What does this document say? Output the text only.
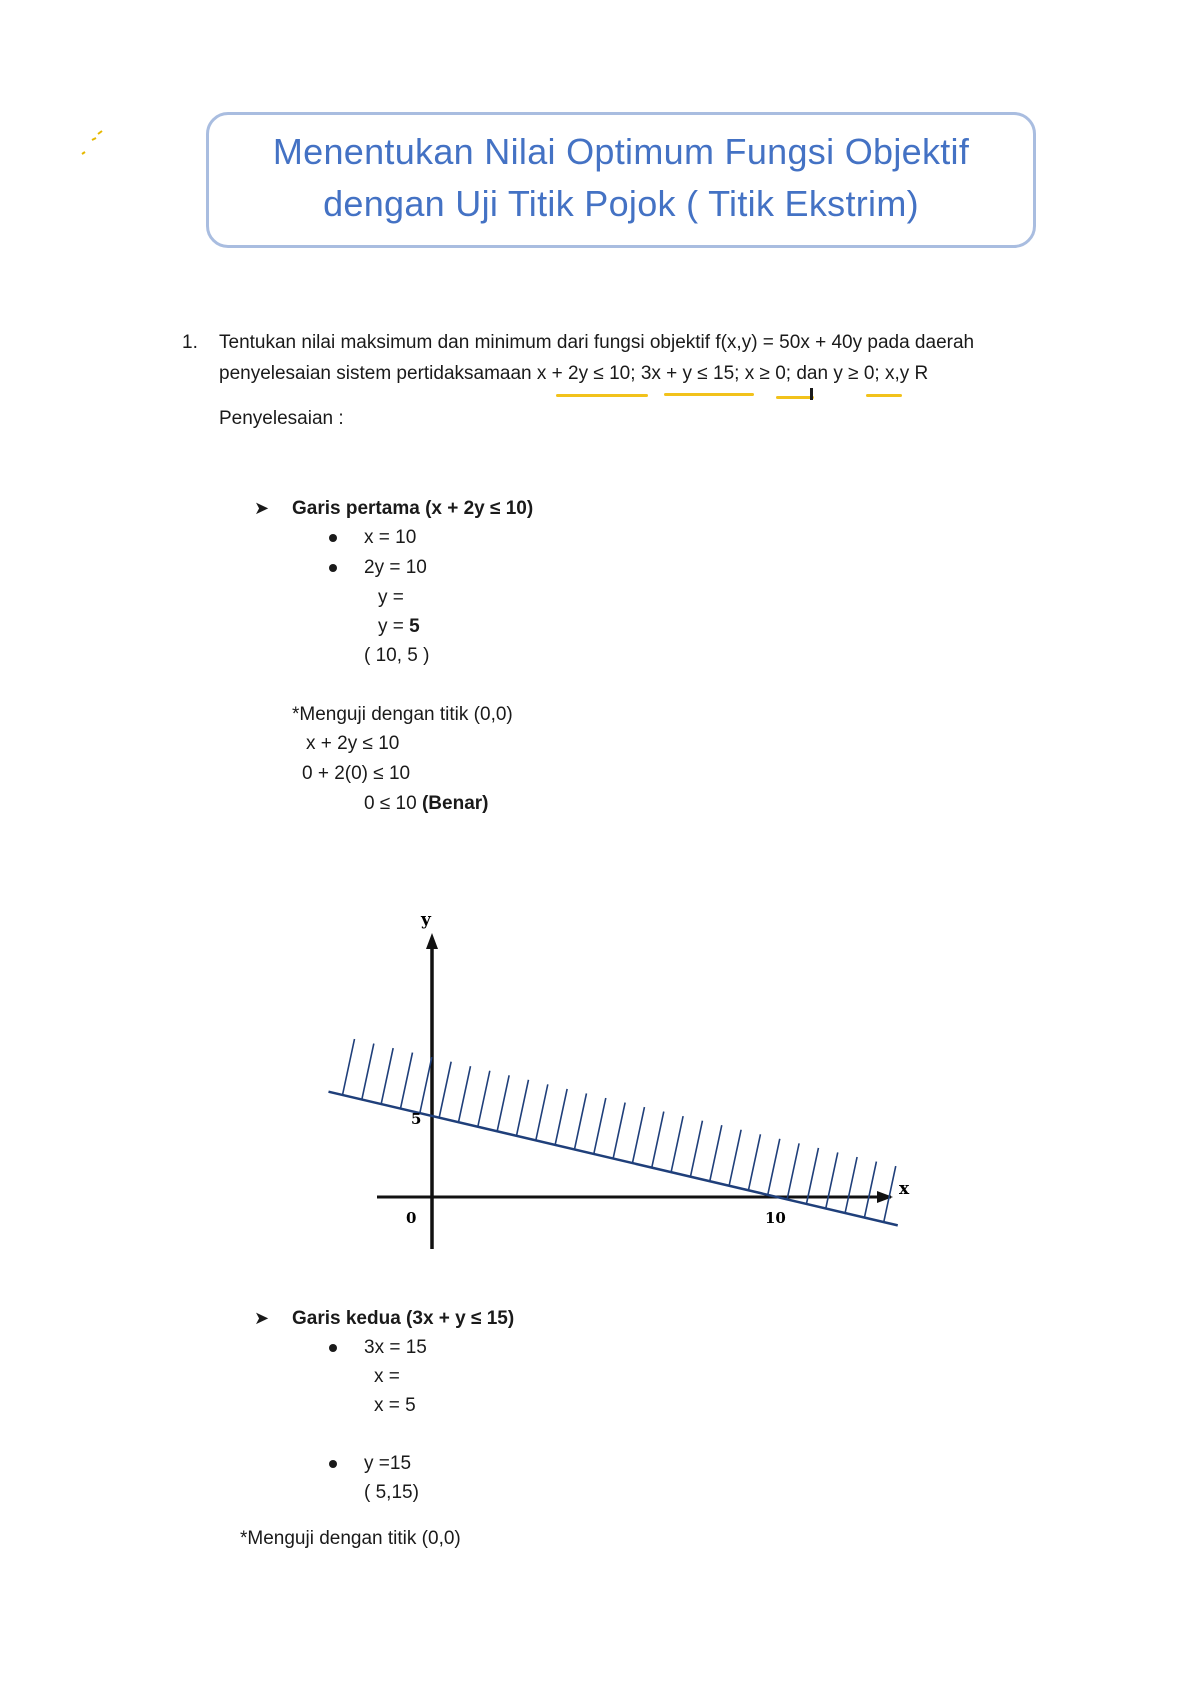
Menentukan Nilai Optimum Fungsi Objektif
dengan Uji Titik Pojok ( Titik Ekstrim)
1. Tentukan nilai maksimum dan minimum dari fungsi objektif f(x,y) = 50x + 40y pada daerah
penyelesaian sistem pertidaksamaan x + 2y ≤ 10; 3x + y ≤ 15; x ≥ 0; dan y ≥ 0; x,y R
Penyelesaian :
➤ Garis pertama (x + 2y ≤ 10)
x = 10
2y = 10
y =
y = 5
( 10, 5 )
*Menguji dengan titik (0,0)
x + 2y ≤ 10
0 + 2(0) ≤ 10
0 ≤ 10 (Benar)
y
x
0	10
5
➤ Garis kedua (3x + y ≤ 15)
3x = 15
x =
x = 5
y =15
( 5,15)
*Menguji dengan titik (0,0)
